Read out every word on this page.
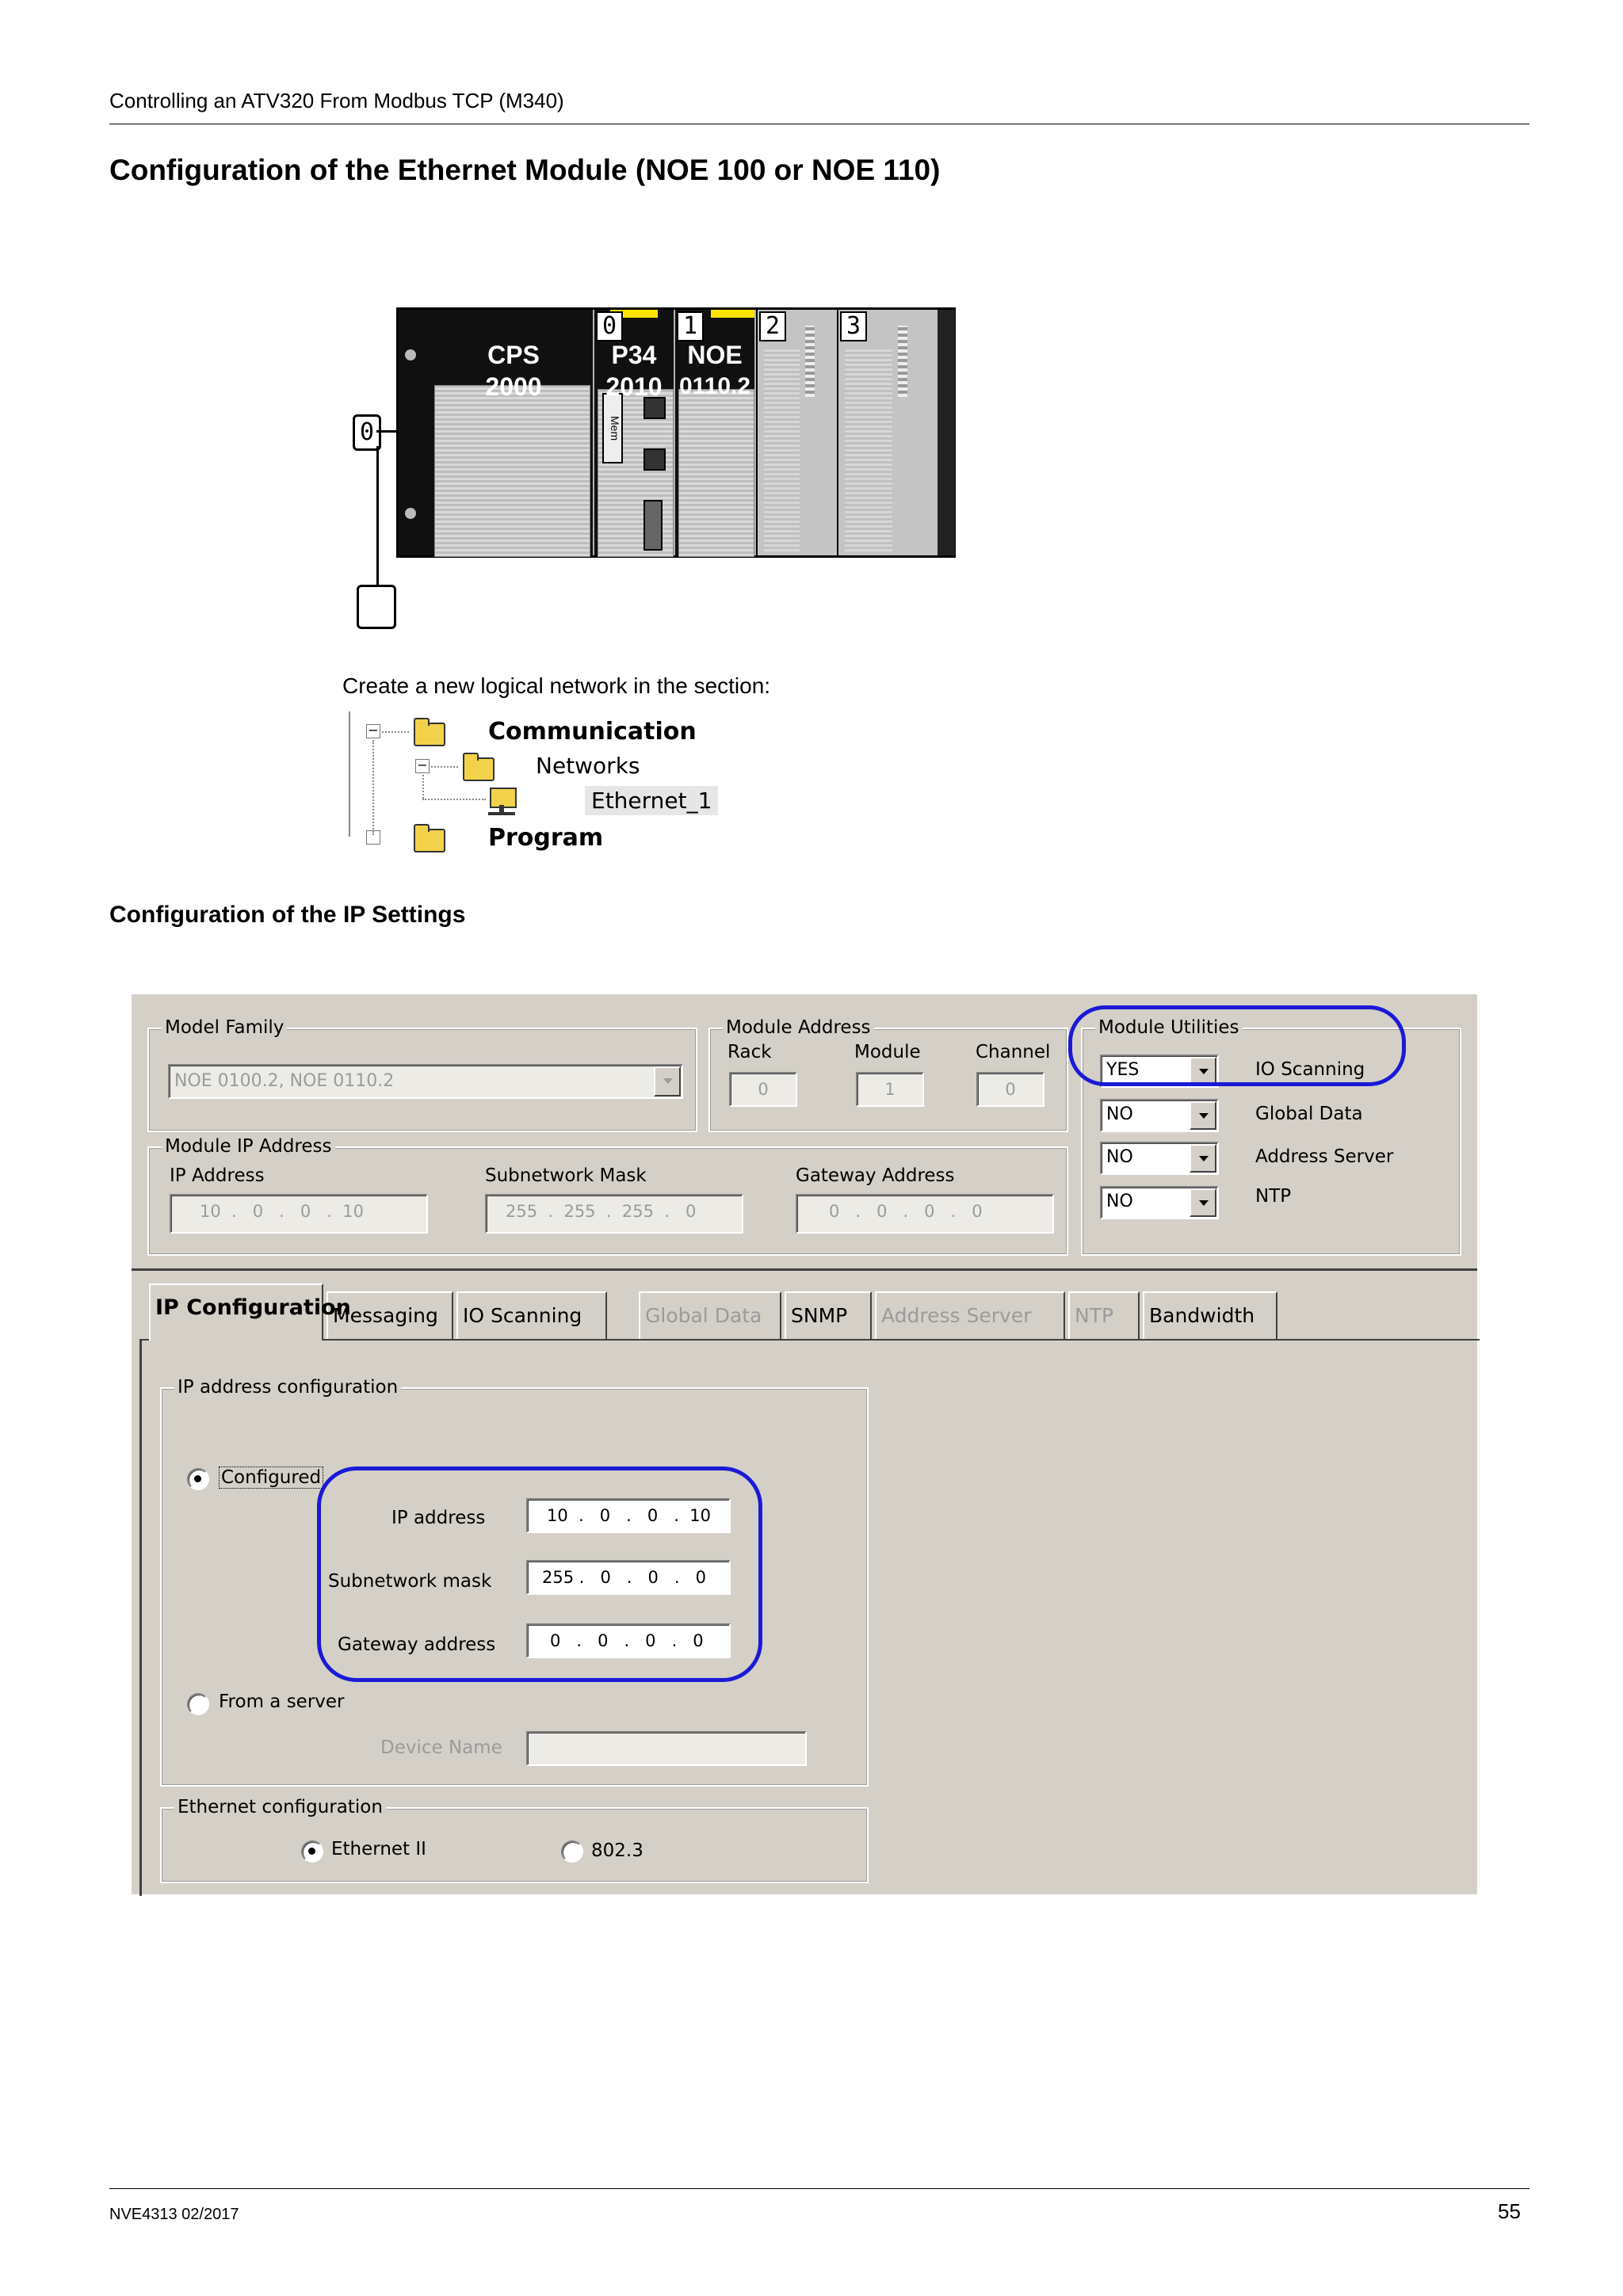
Controlling an ATV320 From Modbus TCP (M340)
Configuration of the Ethernet Module (NOE 100 or NOE 110)
0
CPS
2000
0
Mem
P34
2010
1
NOE
0110.2
2	3
Create a new logical network in the section:
−	Communication
−	Networks
Ethernet_1
Program
Configuration of the IP Settings
Model Family
NOE 0100.2, NOE 0110.2
Module Address
Rack	Module	Channel
0	1	0
Module IP Address
IP Address	Subnetwork Mask	Gateway Address
10  .   0   .   0   .  10	255  .  255  .  255  .   0	0   .   0   .   0   .   0
Module Utilities
YES	IO Scanning
NO	Global Data
NO	Address Server
NO	NTP
IP Configuration
Messaging	IO Scanning	Global Data	SNMP	Address Server	NTP	Bandwidth
IP address configuration
Configured
IP address	10  .   0   .   0   .  10
Subnetwork mask	255 .   0   .   0   .   0
Gateway address	0   .   0   .   0   .   0
From a server
Device Name
Ethernet configuration
Ethernet II	802.3
NVE4313 02/2017	55
